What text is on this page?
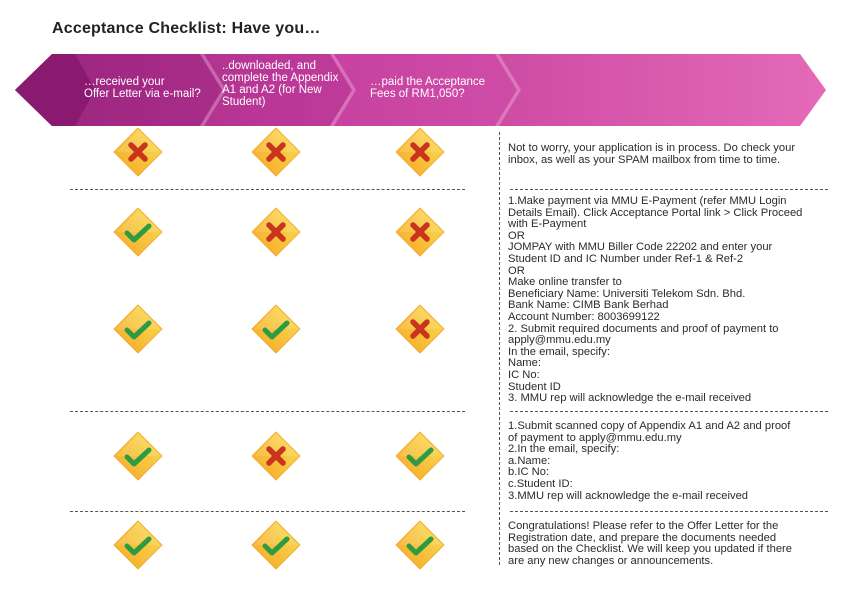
Acceptance Checklist: Have you…
…received your
Offer Letter via e-mail?
..downloaded, and
complete the Appendix
A1 and A2 (for New
Student)
…paid the Acceptance
Fees of RM1,050?
Not to worry, your application is in process. Do check your
inbox, as well as your SPAM mailbox from time to time.
1.Make payment via MMU E-Payment (refer MMU Login
Details Email). Click Acceptance Portal link > Click Proceed
with E-Payment
OR
JOMPAY with MMU Biller Code 22202 and enter your
Student ID and IC Number under Ref-1 & Ref-2
OR
Make online transfer to
Beneficiary Name: Universiti Telekom Sdn. Bhd.
Bank Name: CIMB Bank Berhad
Account Number: 8003699122
2. Submit required documents and proof of payment to
apply@mmu.edu.my
In the email, specify:
Name:
IC No:
Student ID
3. MMU rep will acknowledge the e-mail received
1.Submit scanned copy of Appendix A1 and A2 and proof
of payment to apply@mmu.edu.my
2.In the email, specify:
a.Name:
b.IC No:
c.Student ID:
3.MMU rep will acknowledge the e-mail received
Congratulations! Please refer to the Offer Letter for the
Registration date, and prepare the documents needed
based on the Checklist. We will keep you updated if there
are any new changes or announcements.
